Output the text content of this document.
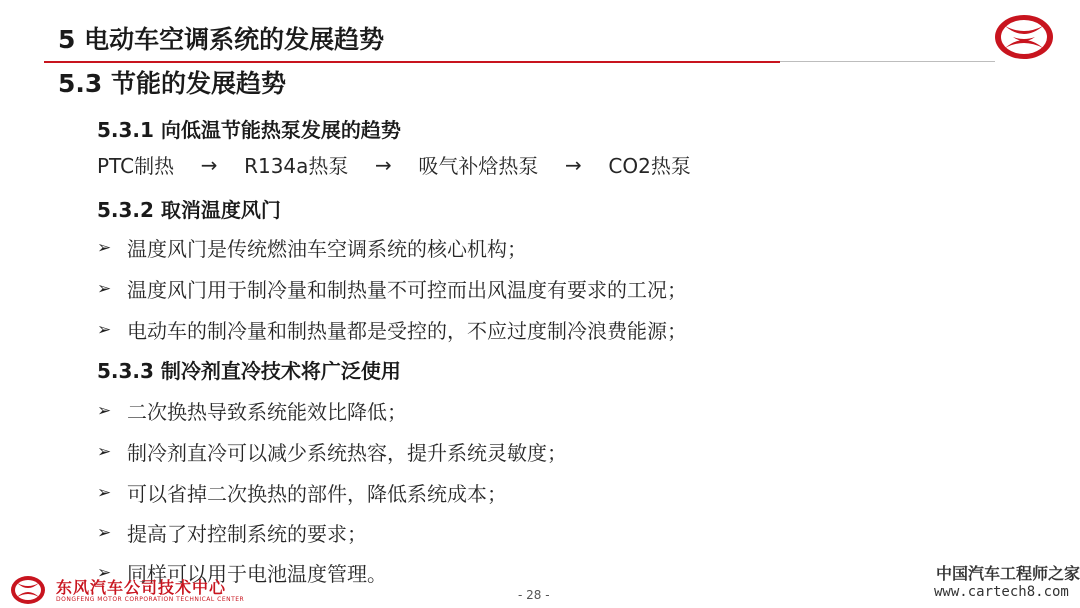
5 电动车空调系统的发展趋势
5.3 节能的发展趋势
5.3.1 向低温节能热泵发展的趋势
PTC制热	→	R134a热泵	→	吸气补焓热泵	→	CO2热泵
5.3.2 取消温度风门
➢ 温度风门是传统燃油车空调系统的核心机构；
➢ 温度风门用于制冷量和制热量不可控而出风温度有要求的工况；
➢ 电动车的制冷量和制热量都是受控的，不应过度制冷浪费能源；
5.3.3 制冷剂直冷技术将广泛使用
➢ 二次换热导致系统能效比降低；
➢ 制冷剂直冷可以减少系统热容，提升系统灵敏度；
➢ 可以省掉二次换热的部件，降低系统成本；
➢ 提高了对控制系统的要求；
➢ 同样可以用于电池温度管理。
东风汽车公司技术中心
DONGFENG MOTOR CORPORATION TECHNICAL CENTER	- 28 -
中国汽车工程师之家
www.cartech8.com
